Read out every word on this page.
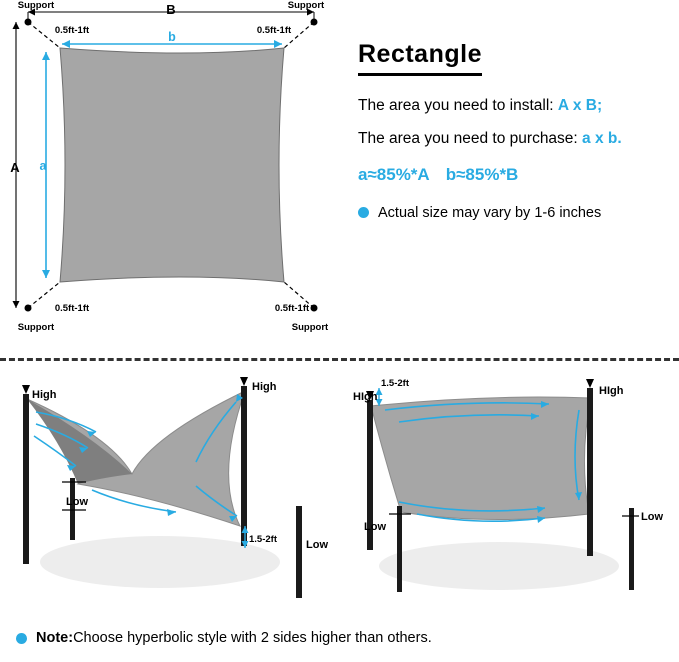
B
A
b
a
Support	Support
Support	Support
0.5ft-1ft	0.5ft-1ft
0.5ft-1ft	0.5ft-1ft
Rectangle
The area you need to install: A x B;
The area you need to purchase: a x b.
a≈85%*A b≈85%*B
Actual size may vary by 1-6 inches
High
High
Low
Low
1.5-2ft
HIgh	HIgh
Low
Low
1.5-2ft
Note: Choose hyperbolic style with 2 sides higher than others.
